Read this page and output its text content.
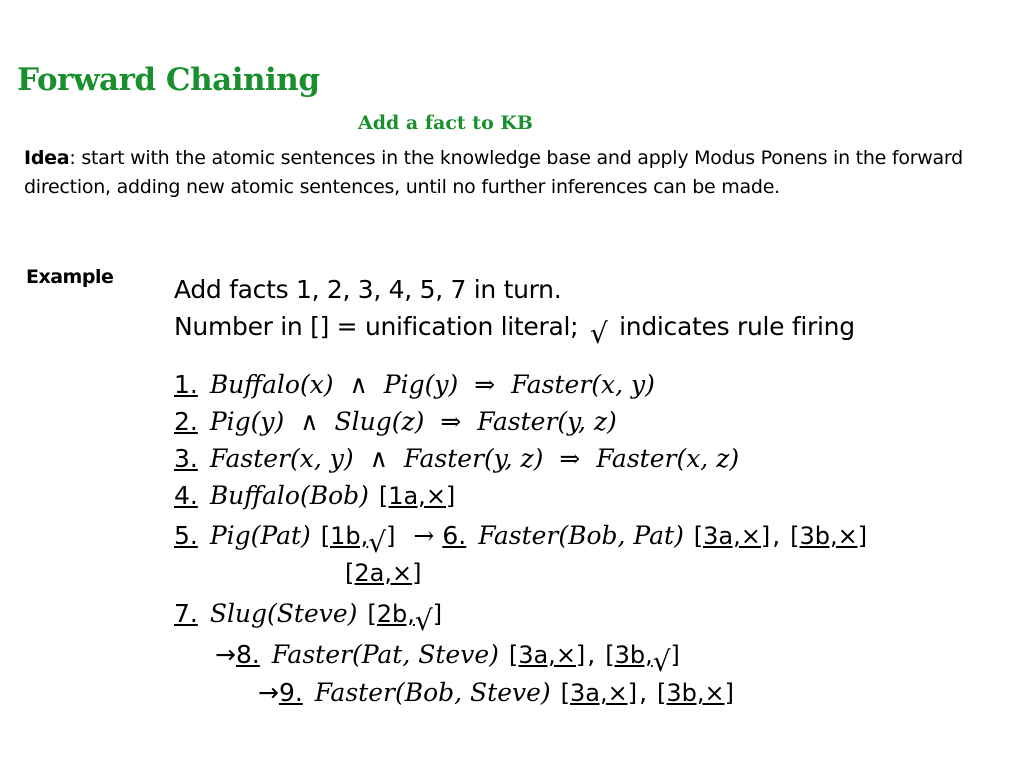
Forward Chaining
Add a fact to KB
Idea: start with the atomic sentences in the knowledge base and apply Modus Ponens in the forward direction, adding new atomic sentences, until no further inferences can be made.
Example Add facts 1, 2, 3, 4, 5, 7 in turn.
Number in [] = unification literal; √ indicates rule firing
1. Buffalo(x) ∧ Pig(y) ⇒ Faster(x, y)
2. Pig(y) ∧ Slug(z) ⇒ Faster(y, z)
3. Faster(x, y) ∧ Faster(y, z) ⇒ Faster(x, z)
4. Buffalo(Bob) [1a,×]
5. Pig(Pat) [1b,√] → 6. Faster(Bob, Pat) [3a,×], [3b,×]
[2a,×]
7. Slug(Steve) [2b,√]
→8. Faster(Pat, Steve) [3a,×], [3b,√]
→9. Faster(Bob, Steve) [3a,×], [3b,×]
